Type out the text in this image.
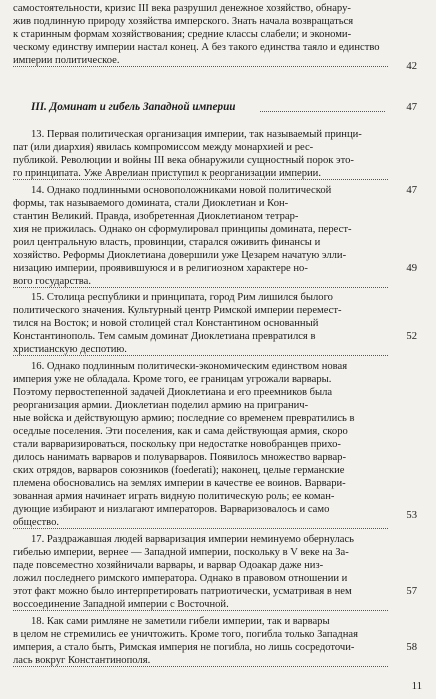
самостоятельности, кризис III века разрушил денежное хозяйство, обнару-
жив подлинную природу хозяйства имперского. Знать начала возвращаться
к старинным формам хозяйствования; средние классы слабели; и экономи-
ческому единству империи настал конец. А без такого единства таяло и единство
империи политическое.
13. Первая политическая организация империи, так называемый принци-
пат (или диархия) явилась компромиссом между монархией и рес-
публикой. Революции и войны III века обнаружили сущностный порок это-
го принципата. Уже Аврелиан приступил к реорганизации империи.
14. Однако подлинными основоположниками новой политической
формы, так называемого домината, стали Диоклетиан и Кон-
стантин Великий. Правда, изобретенная Диоклетианом тетрар-
хия не прижилась. Однако он сформулировал принципы домината, перест-
роил центральную власть, провинции, старался оживить финансы и
хозяйство. Реформы Диоклетиана довершили уже Цезарем начатую элли-
низацию империи, проявившуюся и в религиозном характере но-
вого государства.
15. Столица республики и принципата, город Рим лишился былого
политического значения. Культурный центр Римской империи перемест-
тился на Восток; и новой столицей стал Константином основанный
Константинополь. Тем самым доминат Диоклетиана превратился в
христианскую деспотию.
16. Однако подлинным политически-экономическим единством новая
империя уже не обладала. Кроме того, ее границам угрожали варвары.
Поэтому первостепенной задачей Диоклетиана и его преемников была
реорганизация армии. Диоклетиан поделил армию на пригранич-
ные войска и действующую армию; последние со временем превратились в
оседлые поселения. Эти поселения, как и сама действующая армия, скоро
стали варваризироваться, поскольку при недостатке новобранцев прихо-
дилось нанимать варваров и полуварваров. Появилось множество варвар-
ских отрядов, варваров союзников (foederati); наконец, целые германские
племена обосновались на землях империи в качестве ее воинов. Варвари-
зованная армия начинает играть видную политическую роль; ее коман-
дующие избирают и низлагают императоров. Варваризовалось и само
общество.
17. Раздражавшая людей варваризация империи неминуемо обернулась
гибелью империи, вернее — Западной империи, поскольку в V веке на За-
паде повсеместно хозяйничали варвары, и варвар Одоакар даже низ-
ложил последнего римского императора. Однако в правовом отношении и
этот факт можно было интерпретировать патриотически, усматривая в нем
воссоединение Западной империи с Восточной.
18. Как сами римляне не заметили гибели империи, так и варвары
в целом не стремились ее уничтожить. Кроме того, погибла только Западная
империя, а стало быть, Римская империя не погибла, но лишь сосредоточи-
лась вокруг Константинополя.
47
49
52
53
57
58
III. Доминат и гибель Западной империи	47
42
11
